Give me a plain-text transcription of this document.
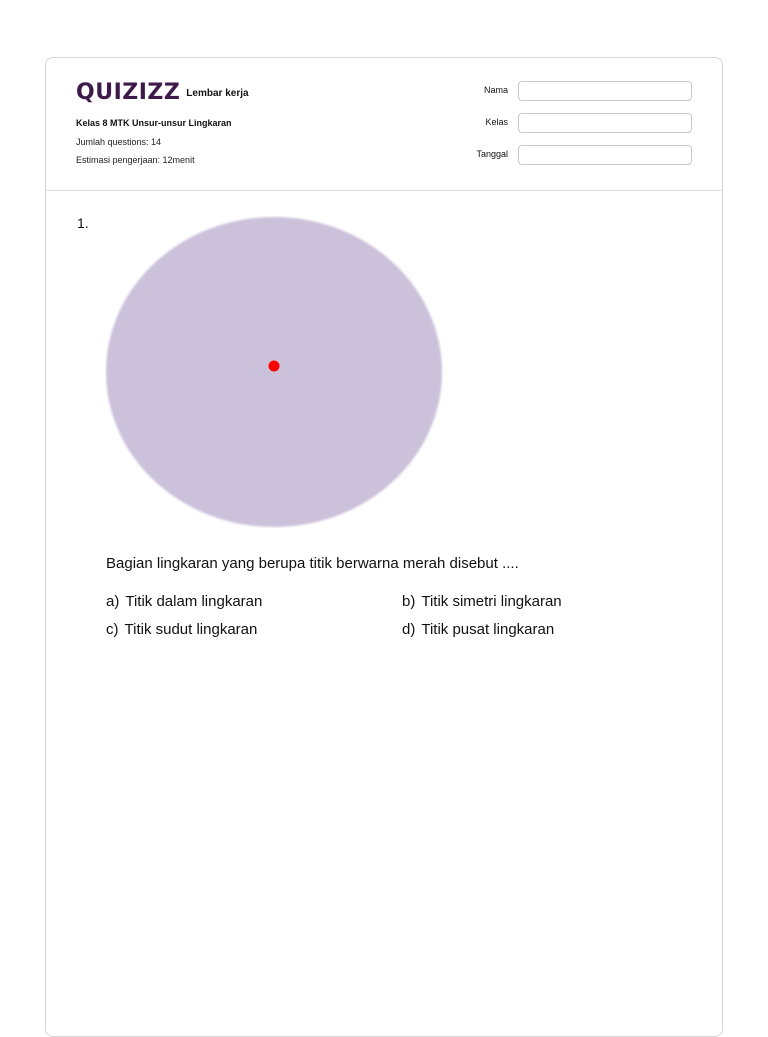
QUIZIZZ Lembar kerja
Kelas 8 MTK Unsur-unsur Lingkaran
Jumlah questions: 14
Estimasi pengerjaan: 12menit
Nama
Kelas
Tanggal
1.
Bagian lingkaran yang berupa titik berwarna merah disebut ....
a) Titik dalam lingkaran	b) Titik simetri lingkaran
c) Titik sudut lingkaran	d) Titik pusat lingkaran
